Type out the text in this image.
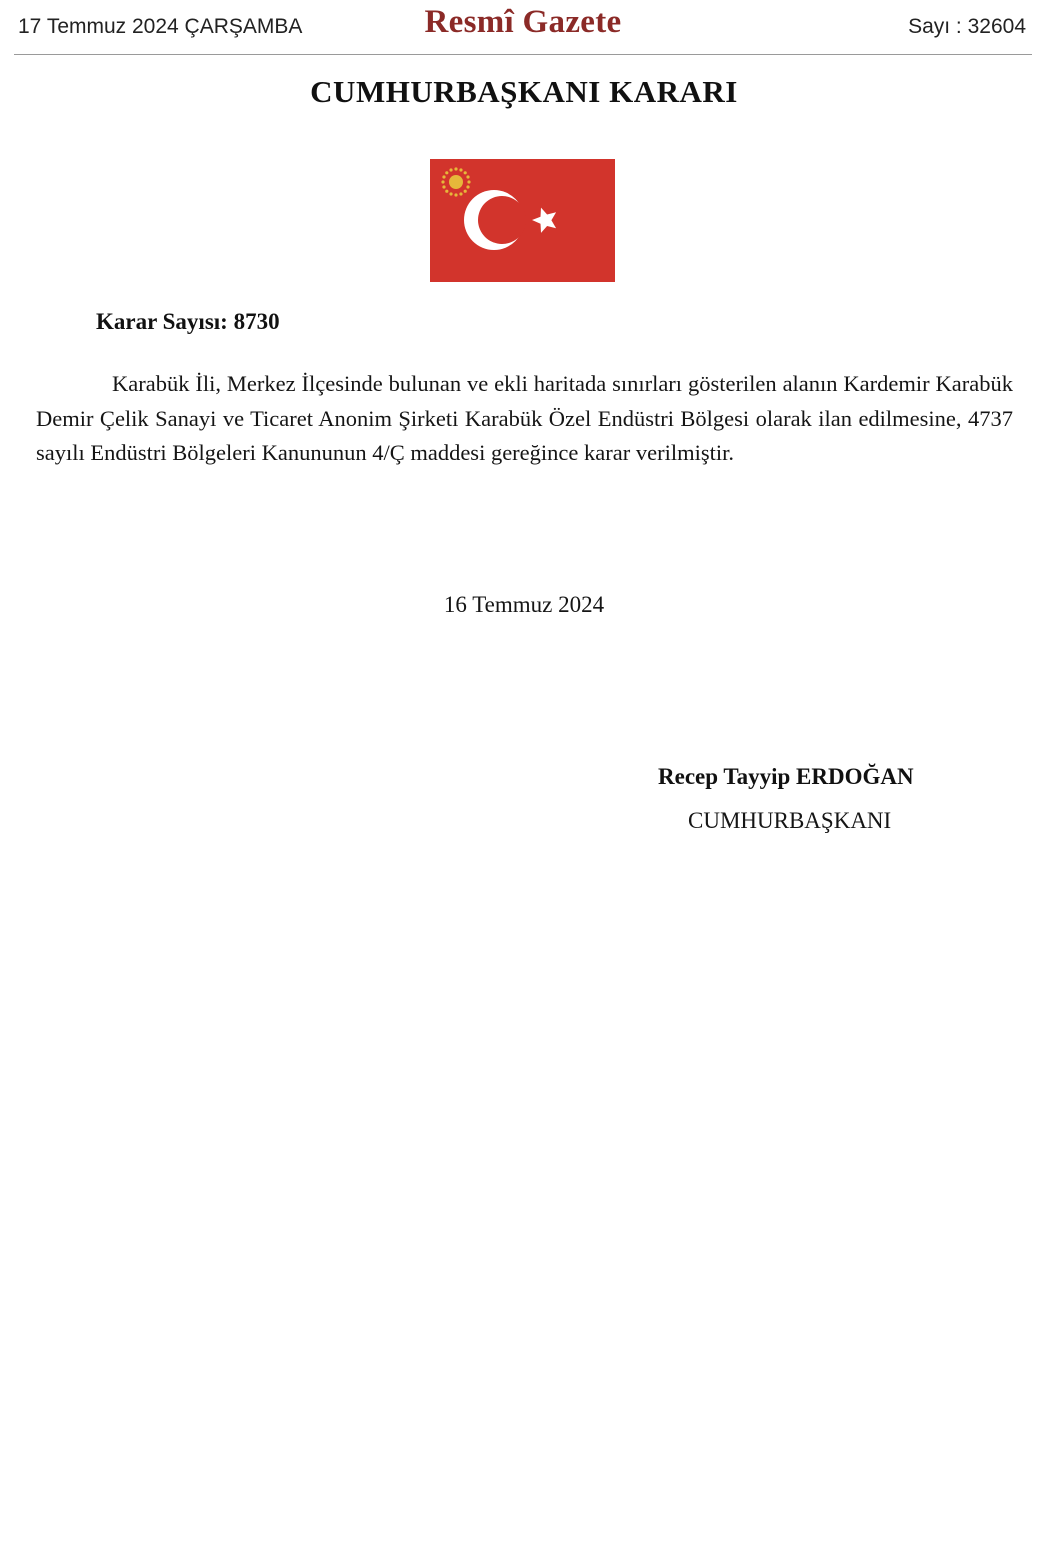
17 Temmuz 2024 ÇARŞAMBA	Resmî Gazete	Sayı : 32604
CUMHURBAŞKANI KARARI
Karar Sayısı: 8730

Karabük İli, Merkez İlçesinde bulunan ve ekli haritada sınırları gösterilen alanın Kardemir Karabük Demir Çelik Sanayi ve Ticaret Anonim Şirketi Karabük Özel Endüstri Bölgesi olarak ilan edilmesine, 4737 sayılı Endüstri Bölgeleri Kanununun 4/Ç maddesi gereğince karar verilmiştir.

16 Temmuz 2024
Recep Tayyip ERDOĞAN
CUMHURBAŞKANI
